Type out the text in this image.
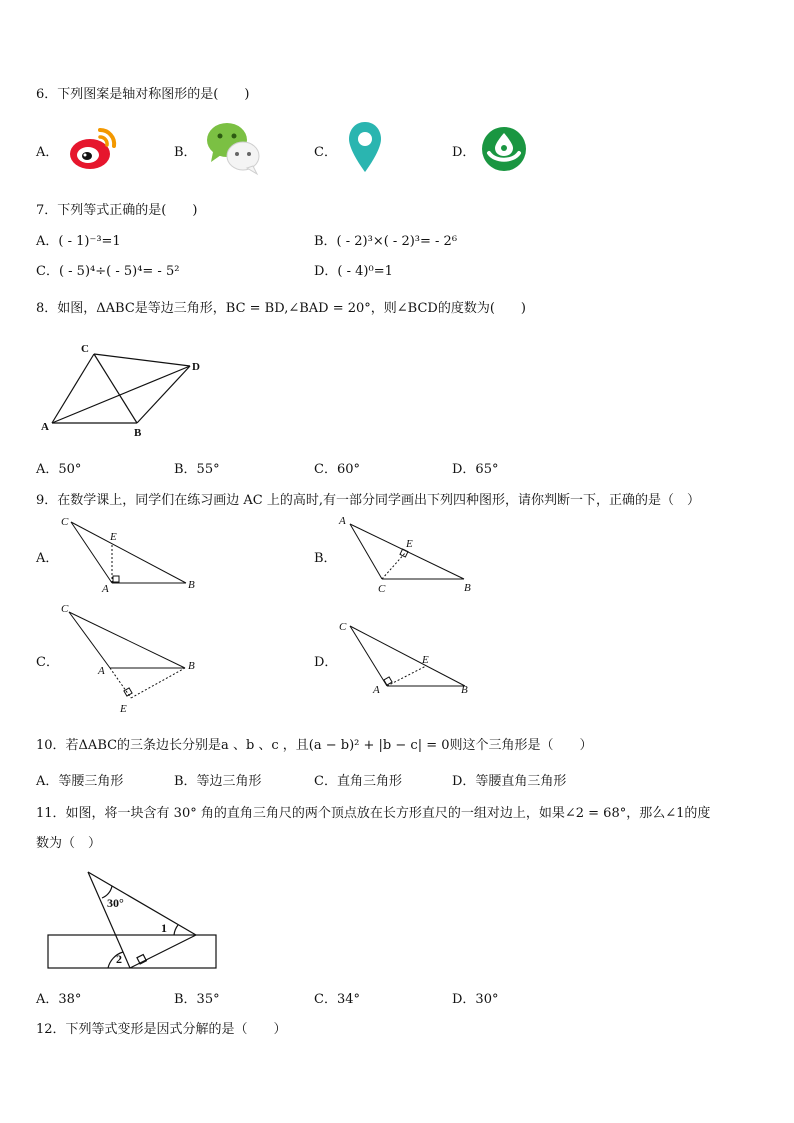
6．下列图案是轴对称图形的是(　　)
A．	B．	C．	D．
7．下列等式正确的是(　　)
A．( - 1)⁻³=1	B．( - 2)³×( - 2)³= - 2⁶
C．( - 5)⁴÷( - 5)⁴= - 5²	D．( - 4)⁰=1
8．如图，ΔABC是等边三角形，BC = BD,∠BAD = 20°，则∠BCD的度数为(　　)
C
D
A	B
A．50°	B．55°	C．60°	D．65°
9．在数学课上，同学们在练习画边 AC 上的高时,有一部分同学画出下列四种图形，请你判断一下，正确的是（　）
A．
C
E
A	B
B．
A
E
C	B
C．
C
A	B
E
D．
C
E
A	B
10．若ΔABC的三条边长分别是a 、b 、c ，且(a − b)² + |b − c| = 0则这个三角形是（　　）
A．等腰三角形	B．等边三角形	C．直角三角形	D．等腰直角三角形
11．如图，将一块含有 30° 角的直角三角尺的两个顶点放在长方形直尺的一组对边上，如果∠2 = 68°，那么∠1的度
数为（　）
30°
1
2
A．38°	B．35°	C．34°	D．30°
12．下列等式变形是因式分解的是（　　）
